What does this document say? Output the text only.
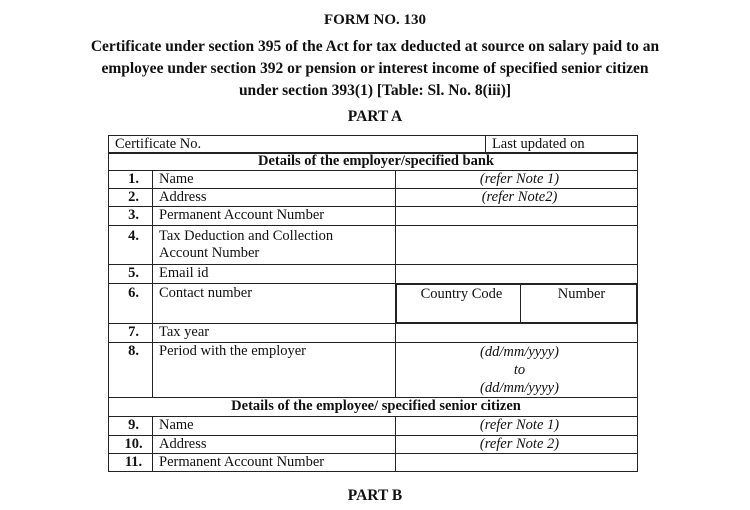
FORM NO. 130
Certificate under section 395 of the Act for tax deducted at source on salary paid to an
employee under section 392 or pension or interest income of specified senior citizen
under section 393(1) [Table: Sl. No. 8(iii)]
PART A
Certificate No.	Last updated on
Details of the employer/specified bank
1.	Name	(refer Note 1)
2.	Address	(refer Note2)
3.	Permanent Account Number	
4.	Tax Deduction and Collection
Account Number

5.	Email id	
6.	Contact number		Country Code	Number

7.	Tax year	
8.	Period with the employer	(dd/mm/yyyy)
to
(dd/mm/yyyy)

Details of the employee/ specified senior citizen
9.	Name	(refer Note 1)
10.	Address	(refer Note 2)
11.	Permanent Account Number	
PART B
